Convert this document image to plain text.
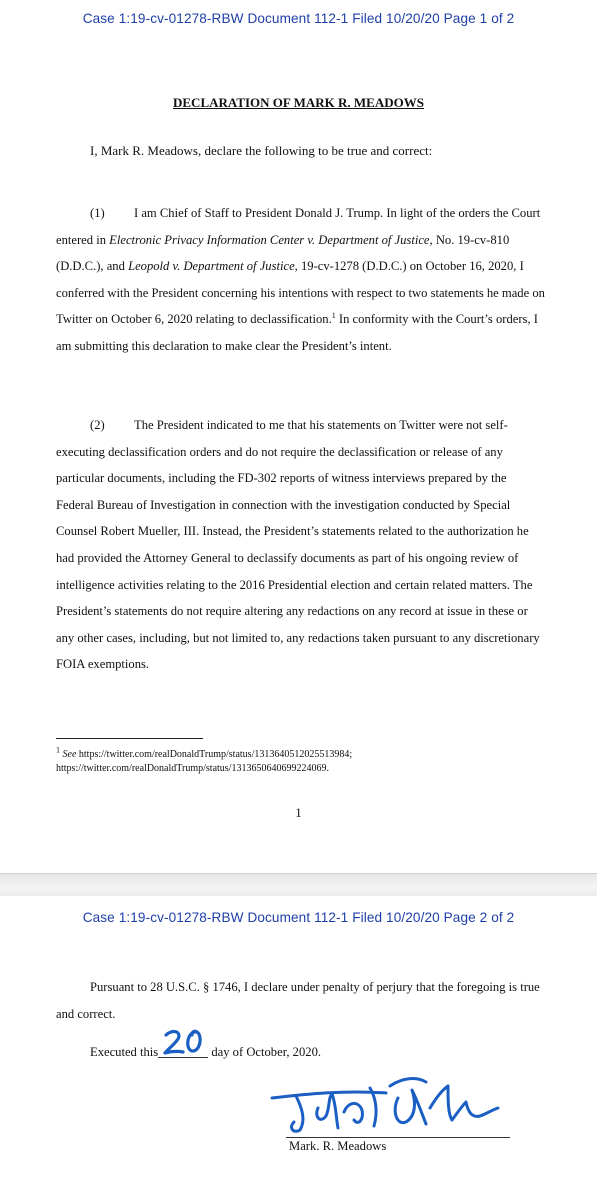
Case 1:19-cv-01278-RBW Document 112-1 Filed 10/20/20 Page 1 of 2
DECLARATION OF MARK R. MEADOWS
I, Mark R. Meadows, declare the following to be true and correct:
(1) I am Chief of Staff to President Donald J. Trump. In light of the orders the Court
entered in Electronic Privacy Information Center v. Department of Justice, No. 19-cv-810
(D.D.C.), and Leopold v. Department of Justice, 19-cv-1278 (D.D.C.) on October 16, 2020, I
conferred with the President concerning his intentions with respect to two statements he made on
Twitter on October 6, 2020 relating to declassification.$^1$ In conformity with the Court’s orders, I
am submitting this declaration to make clear the President’s intent.
(2) The President indicated to me that his statements on Twitter were not self-
executing declassification orders and do not require the declassification or release of any
particular documents, including the FD-302 reports of witness interviews prepared by the
Federal Bureau of Investigation in connection with the investigation conducted by Special
Counsel Robert Mueller, III. Instead, the President’s statements related to the authorization he
had provided the Attorney General to declassify documents as part of his ongoing review of
intelligence activities relating to the 2016 Presidential election and certain related matters. The
President’s statements do not require altering any redactions on any record at issue in these or
any other cases, including, but not limited to, any redactions taken pursuant to any discretionary
FOIA exemptions.
$^1$ See https://twitter.com/realDonaldTrump/status/1313640512025513984;
https://twitter.com/realDonaldTrump/status/1313650640699224069.
1
Case 1:19-cv-01278-RBW Document 112-1 Filed 10/20/20 Page 2 of 2
Pursuant to 28 U.S.C. § 1746, I declare under penalty of perjury that the foregoing is true
and correct.
Executed this
20
day of October, 2020.
Mark. R. Meadows
